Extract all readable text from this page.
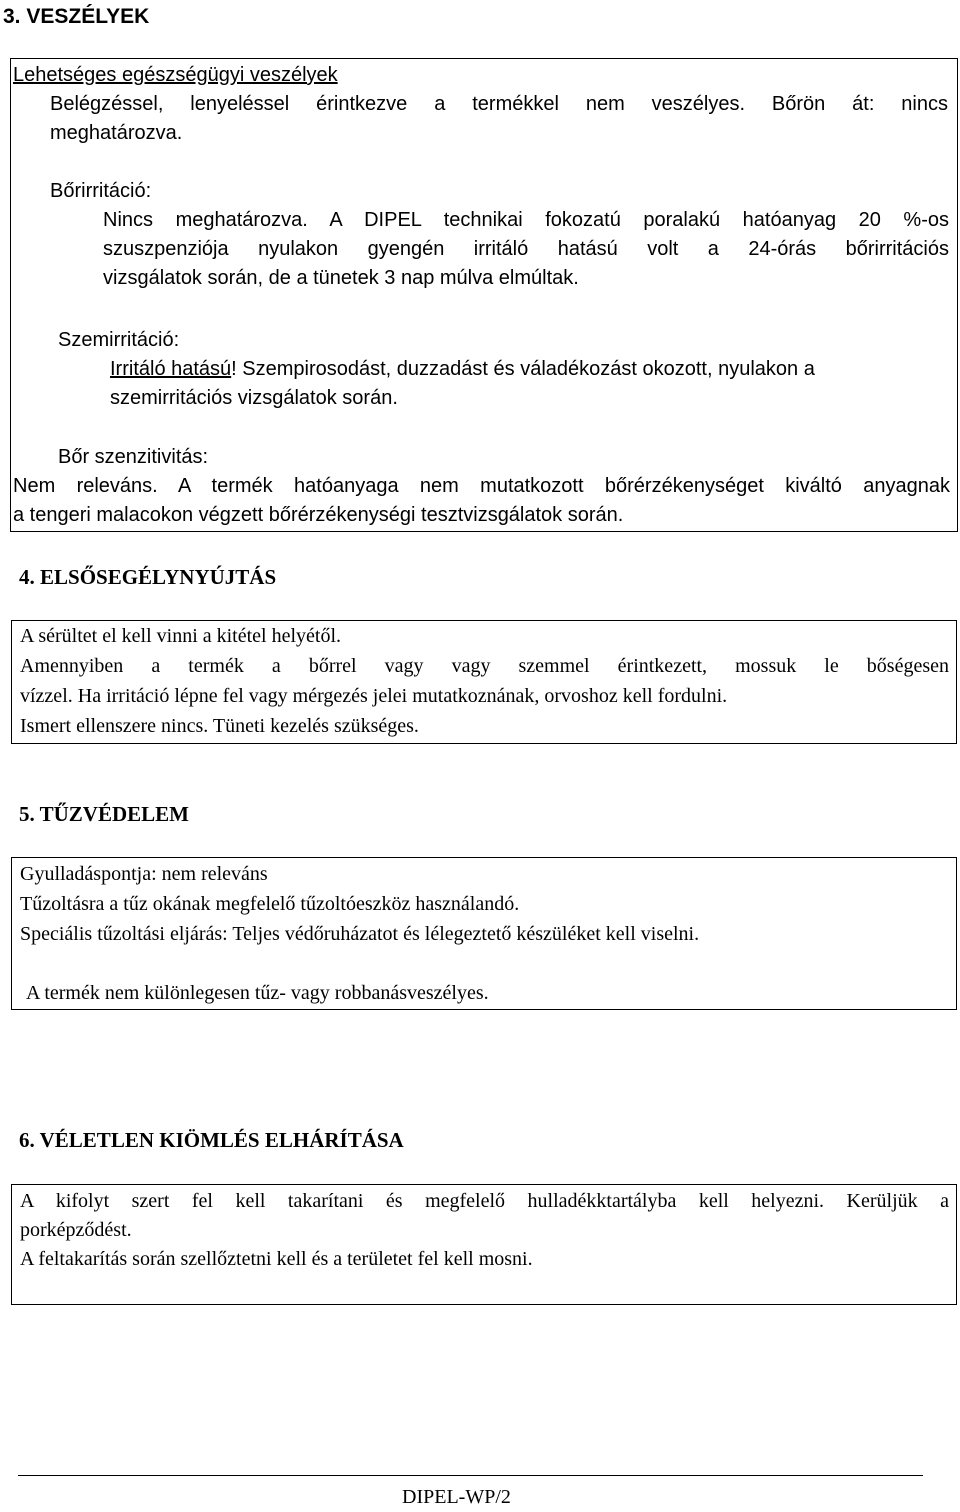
3. VESZÉLYEK
Lehetséges egészségügyi veszélyek
Belégzéssel, lenyeléssel érintkezve a termékkel nem veszélyes. Bőrön át: nincs
meghatározva.
Bőrirritáció:
Nincs meghatározva. A DIPEL technikai fokozatú poralakú hatóanyag 20 %-os
szuszpenziója nyulakon gyengén irritáló hatású volt a 24-órás bőrirritációs
vizsgálatok során, de a tünetek 3 nap múlva elmúltak.
Szemirritáció:
Irritáló hatású! Szempirosodást, duzzadást és váladékozást okozott, nyulakon a
szemirritációs vizsgálatok során.
Bőr szenzitivitás:
Nem releváns. A termék hatóanyaga nem mutatkozott bőrérzékenységet kiváltó anyagnak
a tengeri malacokon végzett bőrérzékenységi tesztvizsgálatok során.
4. ELSŐSEGÉLYNYÚJTÁS
A sérültet el kell vinni a kitétel helyétől.
Amennyiben a termék a bőrrel vagy vagy szemmel érintkezett, mossuk le bőségesen
vízzel. Ha irritáció lépne fel vagy mérgezés jelei mutatkoznának, orvoshoz kell fordulni.
Ismert ellenszere nincs. Tüneti kezelés szükséges.
5. TŰZVÉDELEM
Gyulladáspontja: nem releváns
Tűzoltásra a tűz okának megfelelő tűzoltóeszköz használandó.
Speciális tűzoltási eljárás: Teljes védőruházatot és lélegeztető készüléket kell viselni.
A termék nem különlegesen tűz- vagy robbanásveszélyes.
6. VÉLETLEN KIÖMLÉS ELHÁRÍTÁSA
A kifolyt szert fel kell takarítani és megfelelő hulladékktartályba kell helyezni. Kerüljük a
porképződést.
A feltakarítás során szellőztetni kell és a területet fel kell mosni.
DIPEL-WP/2
